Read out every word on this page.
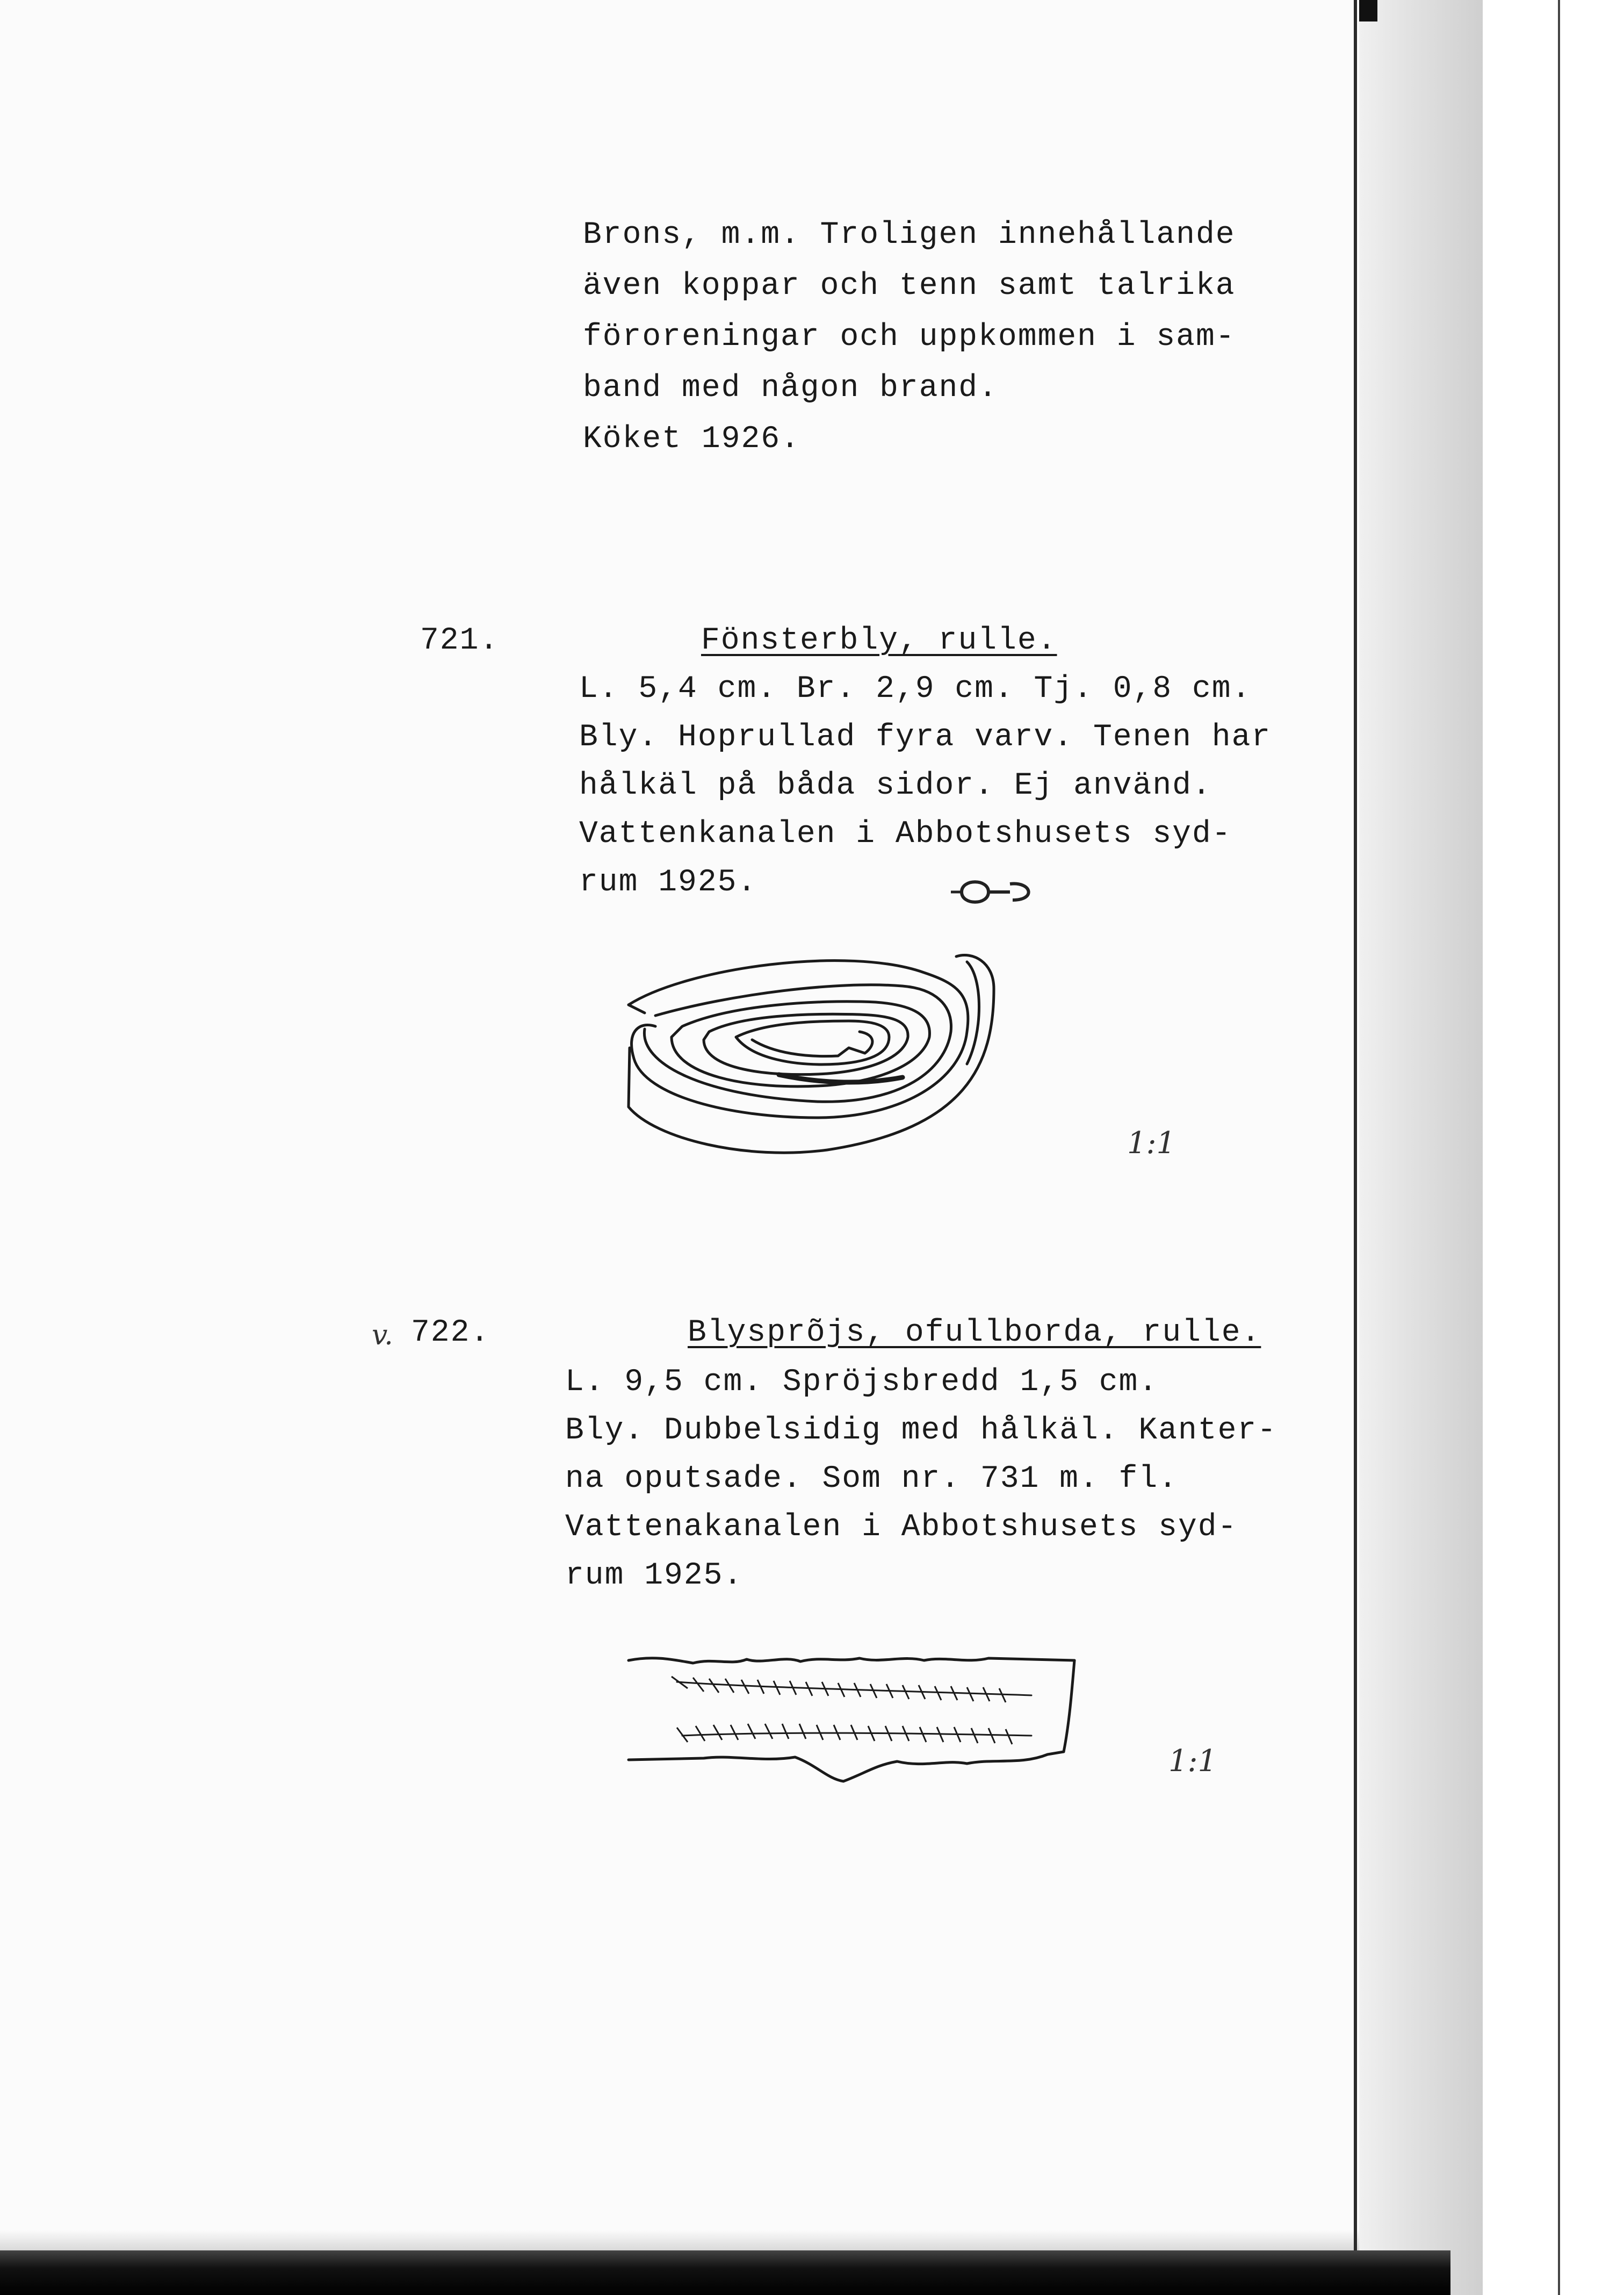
Brons, m.m. Troligen innehållande
även koppar och tenn samt talrika
föroreningar och uppkommen i sam-
band med någon brand.
Köket 1926.
721.	Fönsterbly, rulle.
L. 5,4 cm. Br. 2,9 cm. Tj. 0,8 cm.
Bly. Hoprullad fyra varv. Tenen har
hålkäl på båda sidor. Ej använd.
Vattenkanalen i Abbotshusets syd-
rum 1925.
1:1
v. 722.	Blysprõjs, ofullborda, rulle.
L. 9,5 cm. Spröjsbredd 1,5 cm.
Bly. Dubbelsidig med hålkäl. Kanter-
na oputsade. Som nr. 731 m. fl.
Vattenakanalen i Abbotshusets syd-
rum 1925.
1:1
